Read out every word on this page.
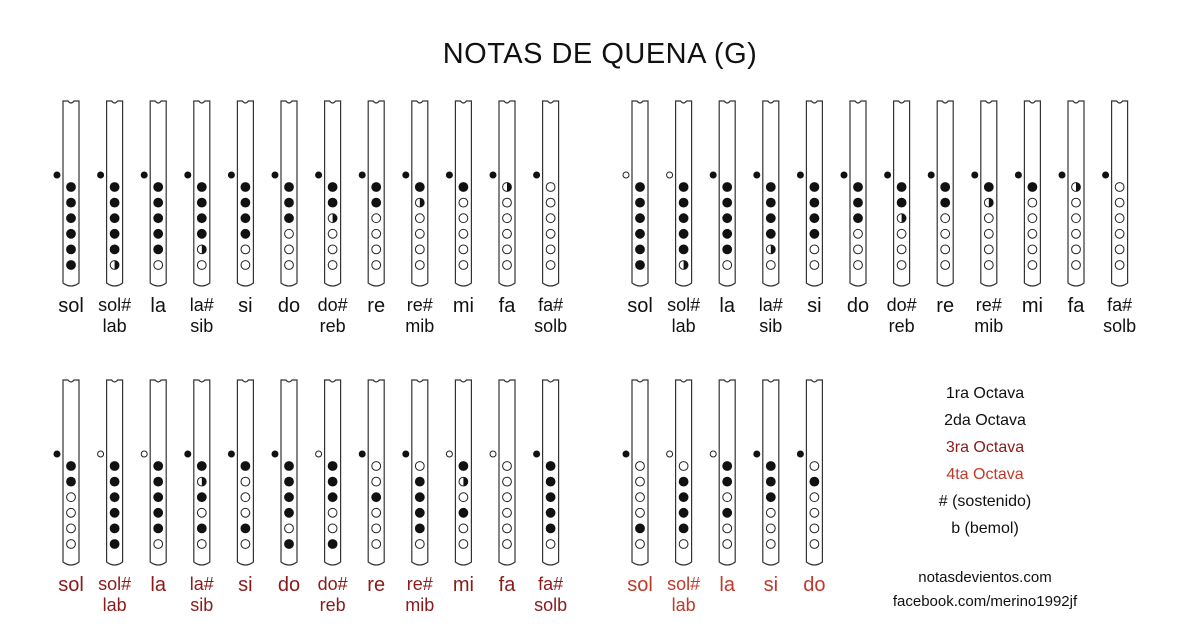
NOTAS DE QUENA (G)
sol sol#
lab
la	la#
sib
si	do do#
reb
re	re#
mib
mi	fa	fa#
solb
sol sol#
lab
la	la#
sib
si	do do#
reb
re	re#
mib
mi	fa	fa#
solb
sol sol#
lab
la	la#
sib
si	do do#
reb
re	re#
mib
mi	fa	fa#
solb
sol sol#
lab
la	si	do
1ra Octava
2da Octava
3ra Octava
4ta Octava
# (sostenido)
b (bemol)
notasdevientos.com
facebook.com/merino1992jf
